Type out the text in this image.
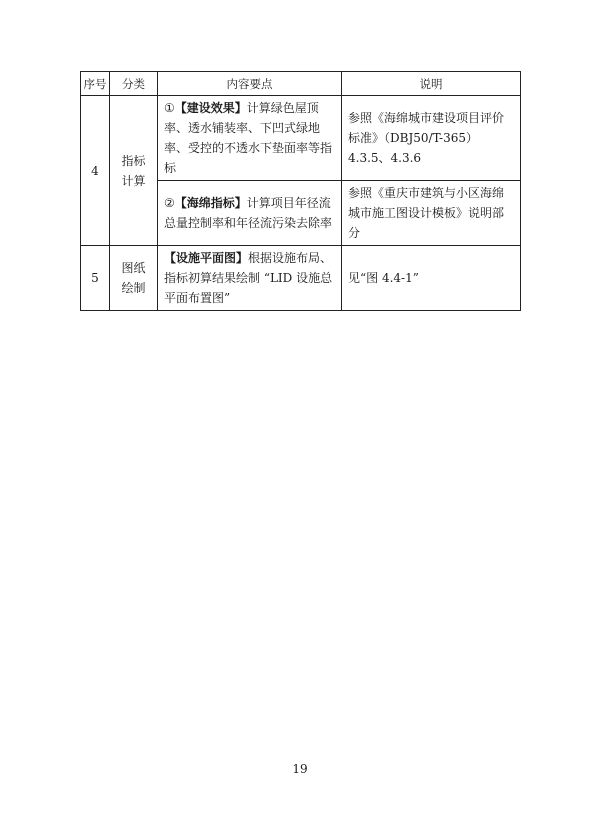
序号	分类	内容要点	说明
4	指标计算	①【建设效果】计算绿色屋顶率、透水铺装率、下凹式绿地率、受控的不透水下垫面率等指标	参照《海绵城市建设项目评价标准》（DBJ50/T-365）4.3.5、4.3.6
		②【海绵指标】计算项目年径流总量控制率和年径流污染去除率	参照《重庆市建筑与小区海绵城市施工图设计模板》说明部分
5	图纸绘制	【设施平面图】根据设施布局、指标初算结果绘制 “LID 设施总平面布置图”	见“图 4.4-1”
19
